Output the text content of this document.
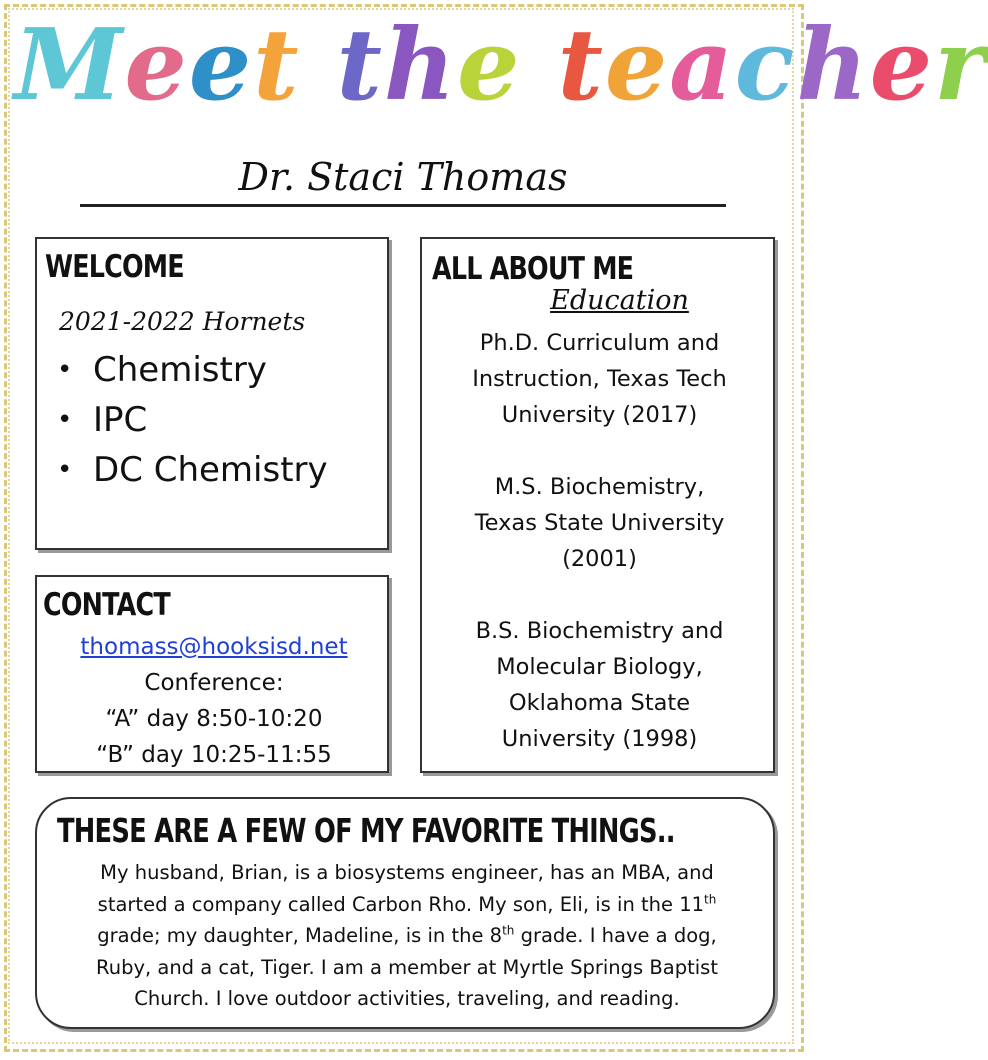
Meet the teacher
Dr. Staci Thomas
WELCOME
2021-2022 Hornets
• Chemistry
• IPC
• DC Chemistry
CONTACT
thomass@hooksisd.net
Conference:
“A” day 8:50-10:20
“B” day 10:25-11:55
ALL ABOUT ME
Education
Ph.D. Curriculum and
Instruction, Texas Tech
University (2017)
M.S. Biochemistry,
Texas State University
(2001)
B.S. Biochemistry and
Molecular Biology,
Oklahoma State
University (1998)
THESE ARE A FEW OF MY FAVORITE THINGS..
My husband, Brian, is a biosystems engineer, has an MBA, and
started a company called Carbon Rho. My son, Eli, is in the 11th
grade; my daughter, Madeline, is in the 8th grade. I have a dog,
Ruby, and a cat, Tiger. I am a member at Myrtle Springs Baptist
Church. I love outdoor activities, traveling, and reading.
